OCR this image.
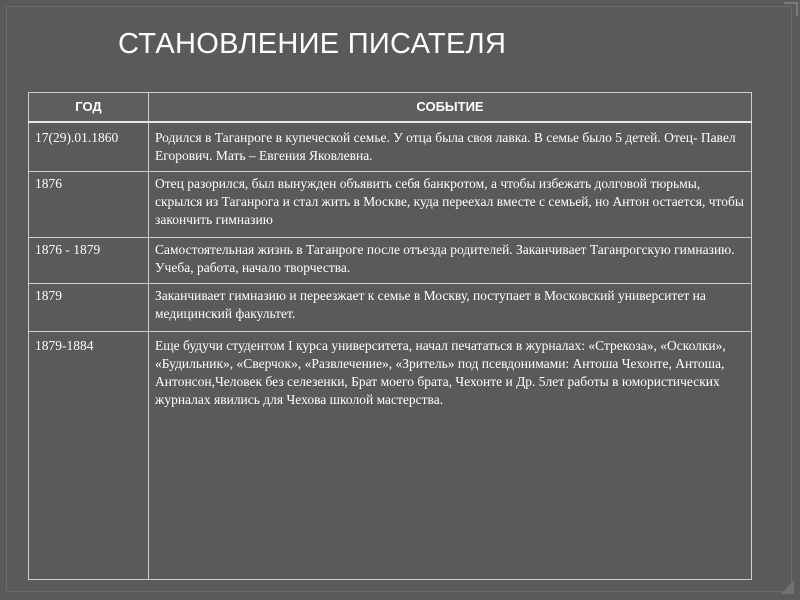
СТАНОВЛЕНИЕ ПИСАТЕЛЯ
ГОД	СОБЫТИЕ
17(29).01.1860	Родился в Таганроге в купеческой семье. У отца была своя лавка. В семье было 5 детей. Отец- Павел Егорович. Мать – Евгения Яковлевна.
1876	Отец разорился, был вынужден объявить себя банкротом, а чтобы избежать долговой тюрьмы, скрылся из Таганрога и стал жить в Москве, куда переехал вместе с семьей, но Антон остается, чтобы закончить гимназию
1876 - 1879	Самостоятельная жизнь в Таганроге после отъезда родителей. Заканчивает Таганрогскую гимназию. Учеба, работа, начало творчества.
1879	Заканчивает гимназию и переезжает к семье в Москву, поступает в Московский университет на медицинский факультет.
1879-1884	Еще будучи студентом I курса университета, начал печататься в журналах: «Стрекоза», «Осколки», «Будильник», «Сверчок», «Развлечение», «Зритель» под псевдонимами: Антоша Чехонте, Антоша, Антонсон,Человек без селезенки, Брат моего брата, Чехонте и Др. 5лет работы в юмористических журналах явились для Чехова школой мастерства.
